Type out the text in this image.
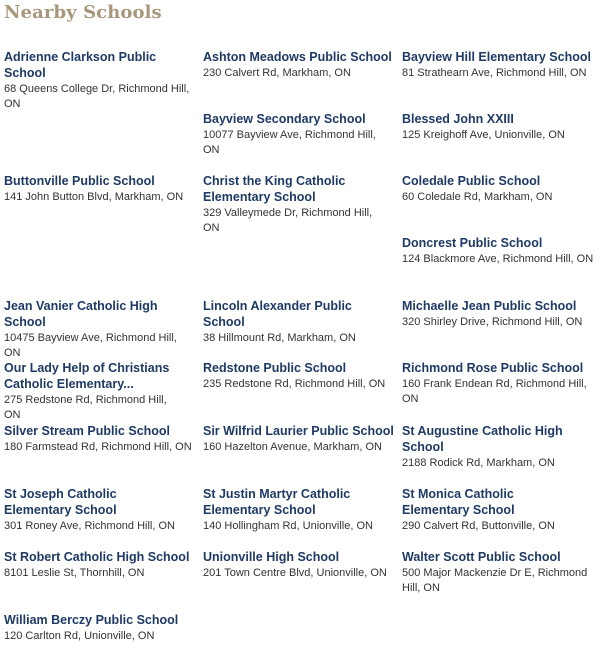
Nearby Schools
Adrienne Clarkson Public School
68 Queens College Dr, Richmond Hill, ON
Ashton Meadows Public School
230 Calvert Rd, Markham, ON
Bayview Hill Elementary School
81 Strathearn Ave, Richmond Hill, ON
Bayview Secondary School
10077 Bayview Ave, Richmond Hill, ON
Blessed John XXIII
125 Kreighoff Ave, Unionville, ON
Buttonville Public School
141 John Button Blvd, Markham, ON
Christ the King Catholic Elementary School
329 Valleymede Dr, Richmond Hill, ON
Coledale Public School
60 Coledale Rd, Markham, ON
Doncrest Public School
124 Blackmore Ave, Richmond Hill, ON
Jean Vanier Catholic High School
10475 Bayview Ave, Richmond Hill, ON
Lincoln Alexander Public School
38 Hillmount Rd, Markham, ON
Michaelle Jean Public School
320 Shirley Drive, Richmond Hill, ON
Our Lady Help of Christians Catholic Elementary...
275 Redstone Rd, Richmond Hill, ON
Redstone Public School
235 Redstone Rd, Richmond Hill, ON
Richmond Rose Public School
160 Frank Endean Rd, Richmond Hill, ON
Silver Stream Public School
180 Farmstead Rd, Richmond Hill, ON
Sir Wilfrid Laurier Public School
160 Hazelton Avenue, Markham, ON
St Augustine Catholic High School
2188 Rodick Rd, Markham, ON
St Joseph Catholic Elementary School
301 Roney Ave, Richmond Hill, ON
St Justin Martyr Catholic Elementary School
140 Hollingham Rd, Unionville, ON
St Monica Catholic Elementary School
290 Calvert Rd, Buttonville, ON
St Robert Catholic High School
8101 Leslie St, Thornhill, ON
Unionville High School
201 Town Centre Blvd, Unionville, ON
Walter Scott Public School
500 Major Mackenzie Dr E, Richmond Hill, ON
William Berczy Public School
120 Carlton Rd, Unionville, ON
